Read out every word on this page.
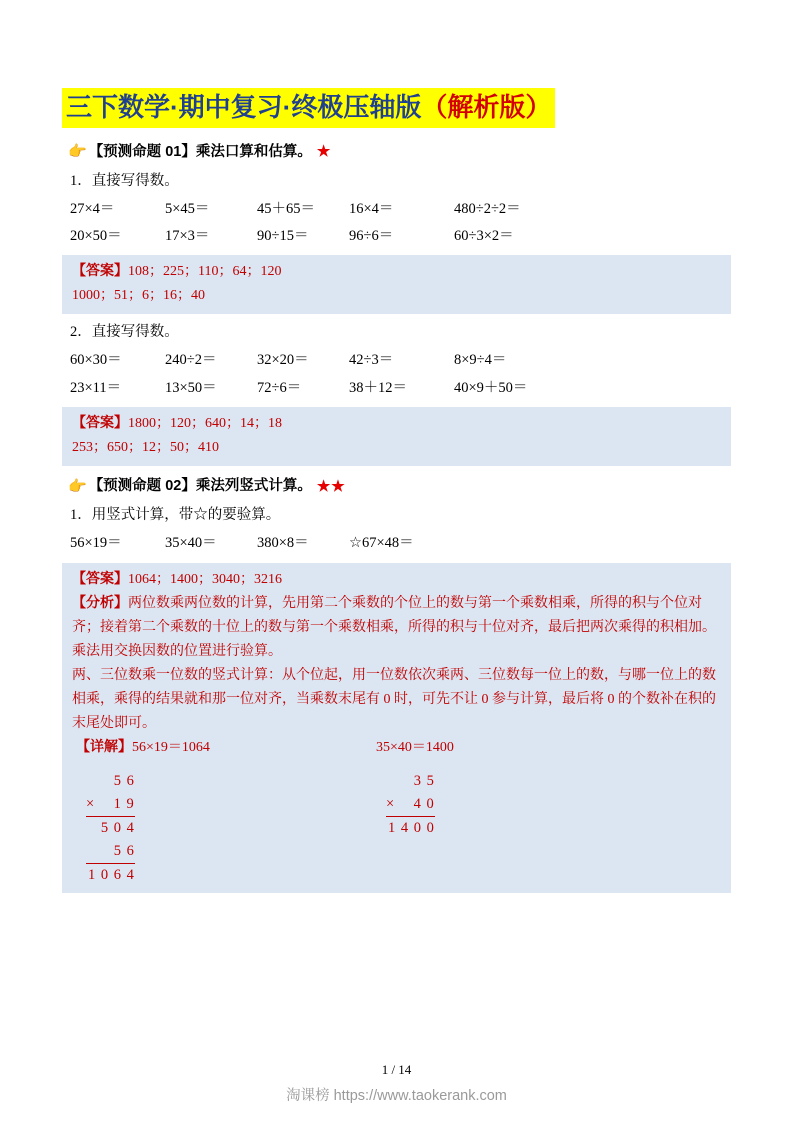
三下数学·期中复习·终极压轴版（解析版）
👉 【预测命题 01】乘法口算和估算。 ★
1．直接写得数。
27×4＝	5×45＝	45＋65＝	16×4＝	480÷2÷2＝
20×50＝	17×3＝	90÷15＝	96÷6＝	60÷3×2＝

【答案】108；225；110；64；120

1000；51；6；16；40

2．直接写得数。
60×30＝	240÷2＝	32×20＝	42÷3＝	8×9÷4＝
23×11＝	13×50＝	72÷6＝	38＋12＝	40×9＋50＝

【答案】1800；120；640；14；18

253；650；12；50；410

👉 【预测命题 02】乘法列竖式计算。 ★★
1．用竖式计算，带☆的要验算。
56×19＝	35×40＝	380×8＝	☆67×48＝

【答案】1064；1400；3040；3216

【分析】两位数乘两位数的计算，先用第二个乘数的个位上的数与第一个乘数相乘，所得的积与个位对齐；接着第二个乘数的十位上的数与第一个乘数相乘，所得的积与十位对齐，最后把两次乘得的积相加。乘法用交换因数的位置进行验算。

两、三位数乘一位数的竖式计算：从个位起，用一位数依次乘两、三位数每一位上的数，与哪一位上的数相乘，乘得的结果就和那一位对齐，当乘数末尾有 0 时，可先不让 0 参与计算，最后将 0 的个数补在积的末尾处即可。

【详解】56×19＝1064	35×40＝1400
5 6
×    1 9
5 0 4
5 6
1 0 6 4
3 5
×    4 0
1 4 0 0
1 / 14
淘课榜 https://www.taokerank.com
